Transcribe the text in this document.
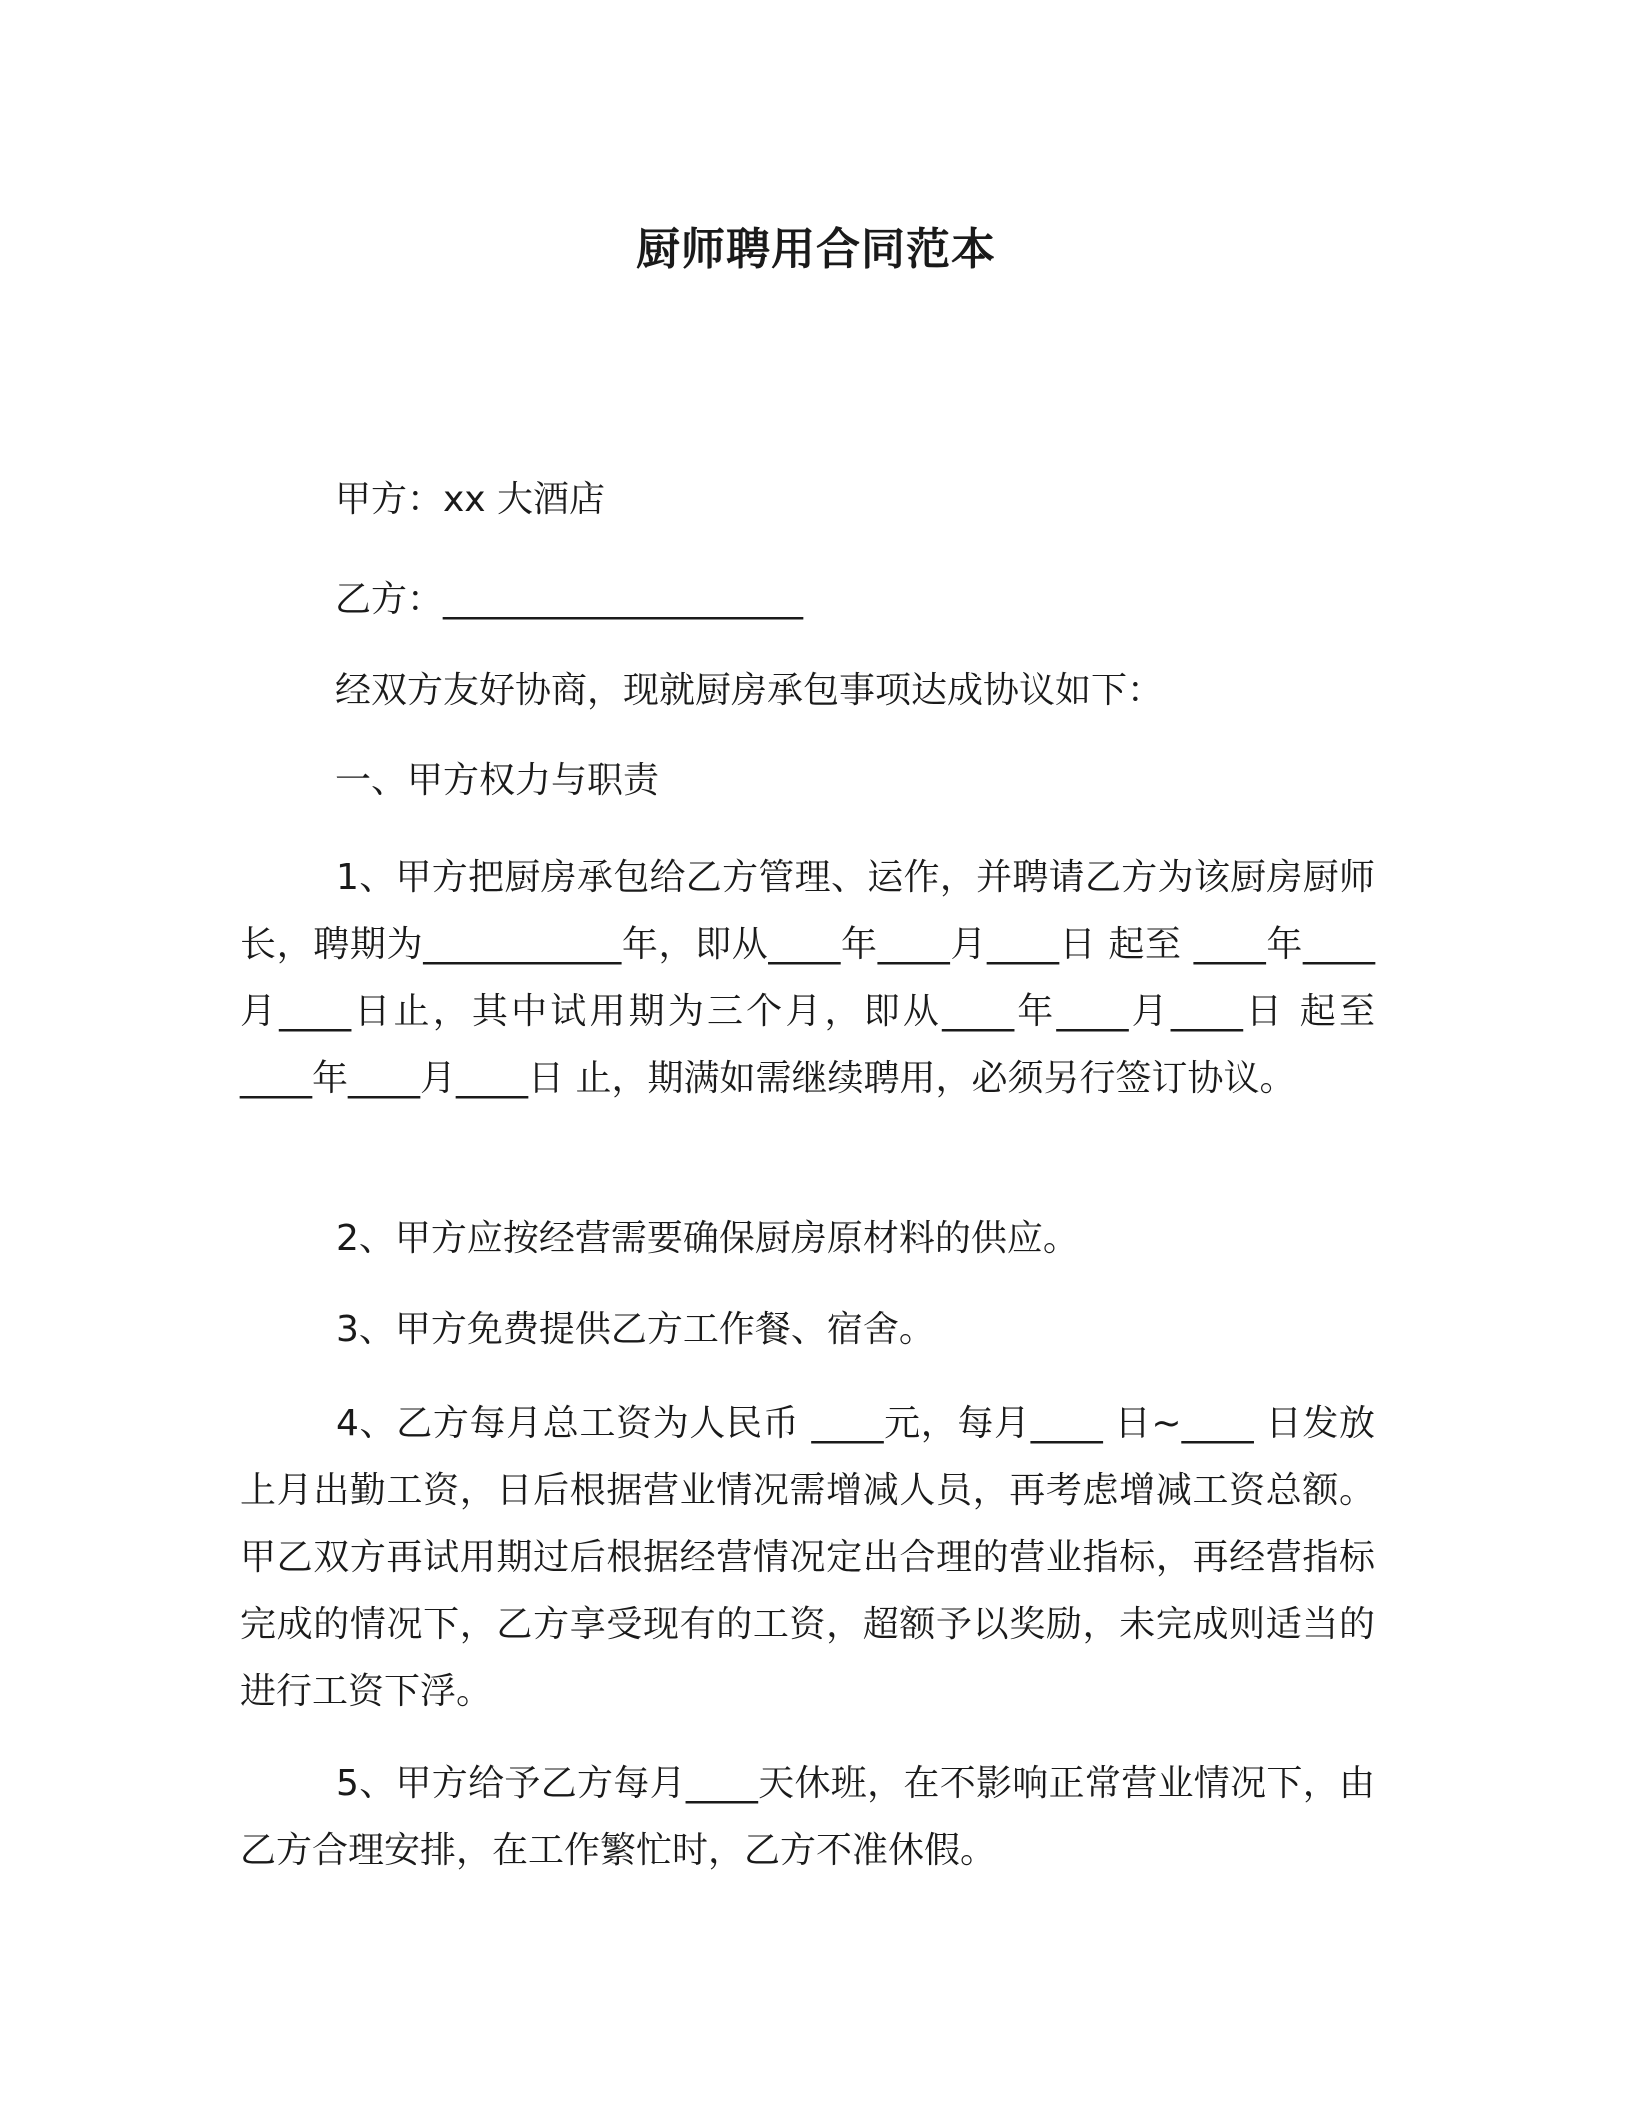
厨师聘用合同范本
甲方：xx 大酒店
乙方：____________________
经双方友好协商，现就厨房承包事项达成协议如下：
一、甲方权力与职责
1、甲方把厨房承包给乙方管理、运作，并聘请乙方为该厨房厨师长，聘期为___________年，即从____年____月____日 起至 ____年____月____日止，其中试用期为三个月，即从____年____月____日 起至 ____年____月____日 止，期满如需继续聘用，必须另行签订协议。
2、甲方应按经营需要确保厨房原材料的供应。
3、甲方免费提供乙方工作餐、宿舍。
4、乙方每月总工资为人民币 ____元，每月____ 日~____ 日发放上月出勤工资，日后根据营业情况需增减人员，再考虑增减工资总额。甲乙双方再试用期过后根据经营情况定出合理的营业指标，再经营指标完成的情况下，乙方享受现有的工资，超额予以奖励，未完成则适当的进行工资下浮。
5、甲方给予乙方每月____天休班，在不影响正常营业情况下，由乙方合理安排，在工作繁忙时，乙方不准休假。
